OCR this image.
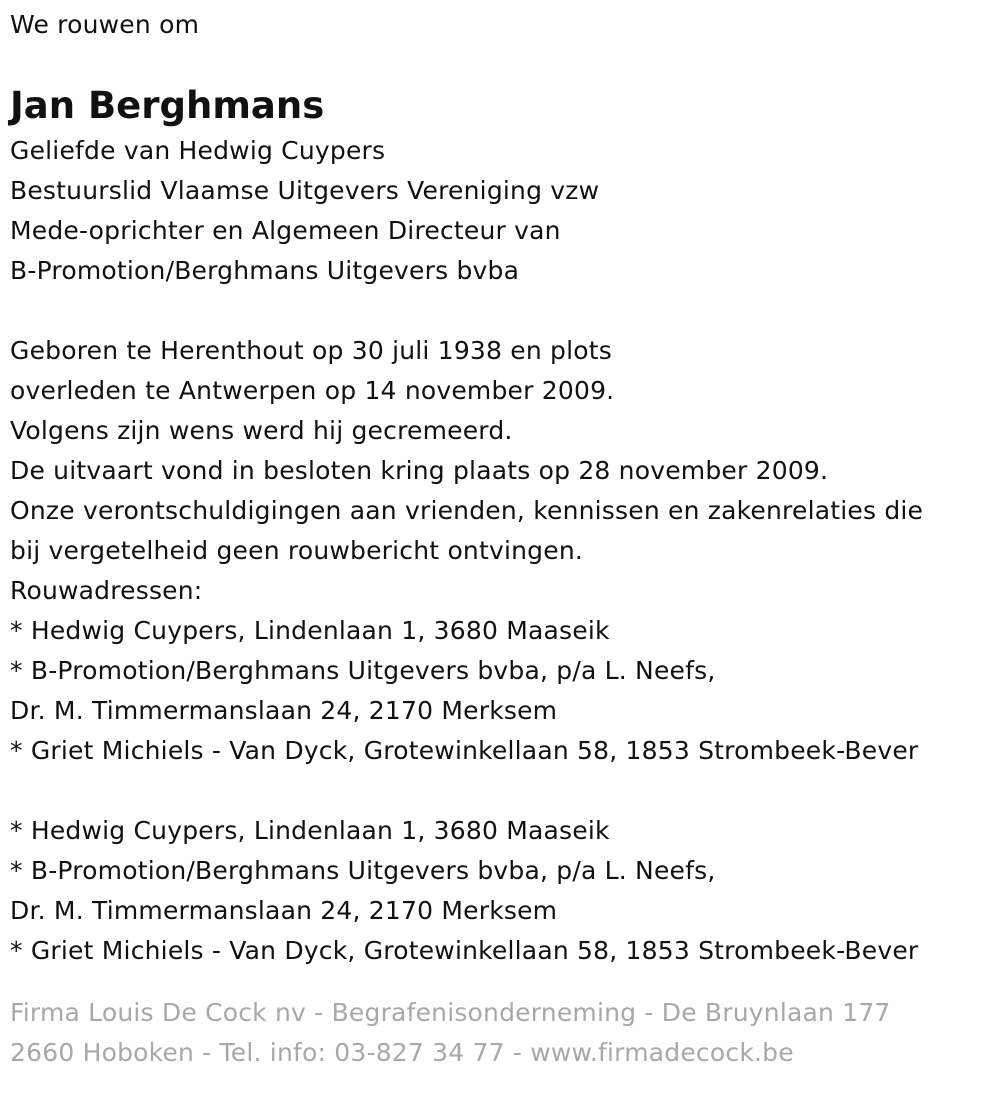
We rouwen om
Jan Berghmans
Geliefde van Hedwig Cuypers
Bestuurslid Vlaamse Uitgevers Vereniging vzw
Mede-oprichter en Algemeen Directeur van
B-Promotion/Berghmans Uitgevers bvba
Geboren te Herenthout op 30 juli 1938 en plots
overleden te Antwerpen op 14 november 2009.
Volgens zijn wens werd hij gecremeerd.
De uitvaart vond in besloten kring plaats op 28 november 2009.
Onze verontschuldigingen aan vrienden, kennissen en zakenrelaties die
bij vergetelheid geen rouwbericht ontvingen.
Rouwadressen:
* Hedwig Cuypers, Lindenlaan 1, 3680 Maaseik
* B-Promotion/Berghmans Uitgevers bvba, p/a L. Neefs,
Dr. M. Timmermanslaan 24, 2170 Merksem
* Griet Michiels - Van Dyck, Grotewinkellaan 58, 1853 Strombeek-Bever
* Hedwig Cuypers, Lindenlaan 1, 3680 Maaseik
* B-Promotion/Berghmans Uitgevers bvba, p/a L. Neefs,
Dr. M. Timmermanslaan 24, 2170 Merksem
* Griet Michiels - Van Dyck, Grotewinkellaan 58, 1853 Strombeek-Bever
Firma Louis De Cock nv - Begrafenisonderneming - De Bruynlaan 177
2660 Hoboken - Tel. info: 03-827 34 77 - www.firmadecock.be
